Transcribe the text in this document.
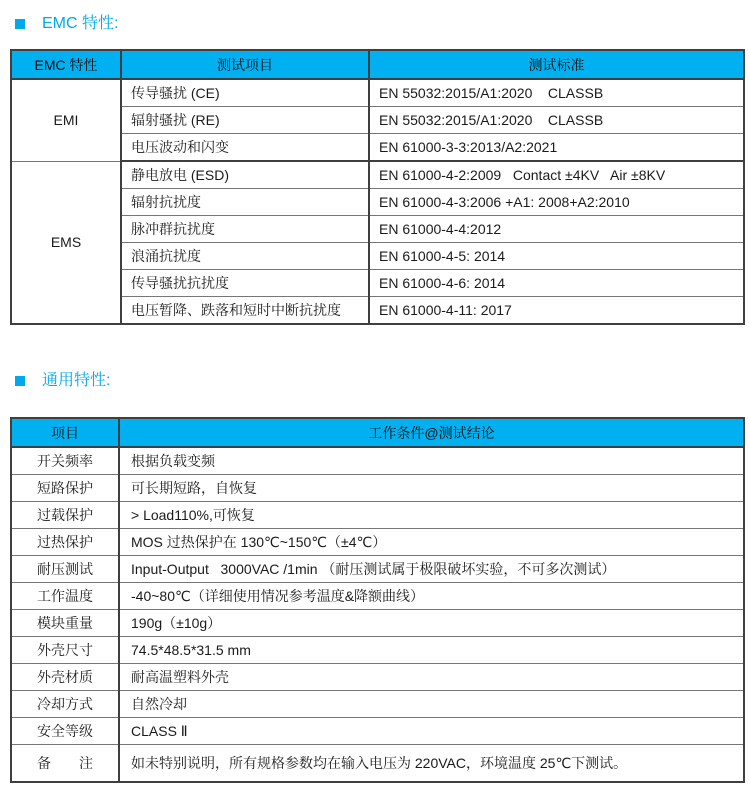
EMC 特性:
EMC 特性	测试项目	测试标准
EMI	传导骚扰 (CE)	EN 55032:2015/A1:2020    CLASSB
	辐射骚扰 (RE)	EN 55032:2015/A1:2020    CLASSB
	电压波动和闪变	EN 61000-3-3:2013/A2:2021
EMS	静电放电 (ESD)	EN 61000-4-2:2009   Contact ±4KV   Air ±8KV
	辐射抗扰度	EN 61000-4-3:2006 +A1: 2008+A2:2010
	脉冲群抗扰度	EN 61000-4-4:2012
	浪涌抗扰度	EN 61000-4-5: 2014
	传导骚扰抗扰度	EN 61000-4-6: 2014
	电压暂降、跌落和短时中断抗扰度	EN 61000-4-11: 2017
通用特性:
项目	工作条件@测试结论
开关频率	根据负载变频
短路保护	可长期短路，自恢复
过载保护	> Load110%,可恢复
过热保护	MOS 过热保护在 130℃~150℃（±4℃）
耐压测试	Input-Output   3000VAC /1min （耐压测试属于极限破坏实验，不可多次测试）
工作温度	-40~80℃（详细使用情况参考温度&降额曲线）
模块重量	190g（±10g）
外壳尺寸	74.5*48.5*31.5 mm
外壳材质	耐高温塑料外壳
冷却方式	自然冷却
安全等级	CLASS Ⅱ
备　　注	如未特别说明，所有规格参数均在输入电压为 220VAC，环境温度 25℃下测试。
